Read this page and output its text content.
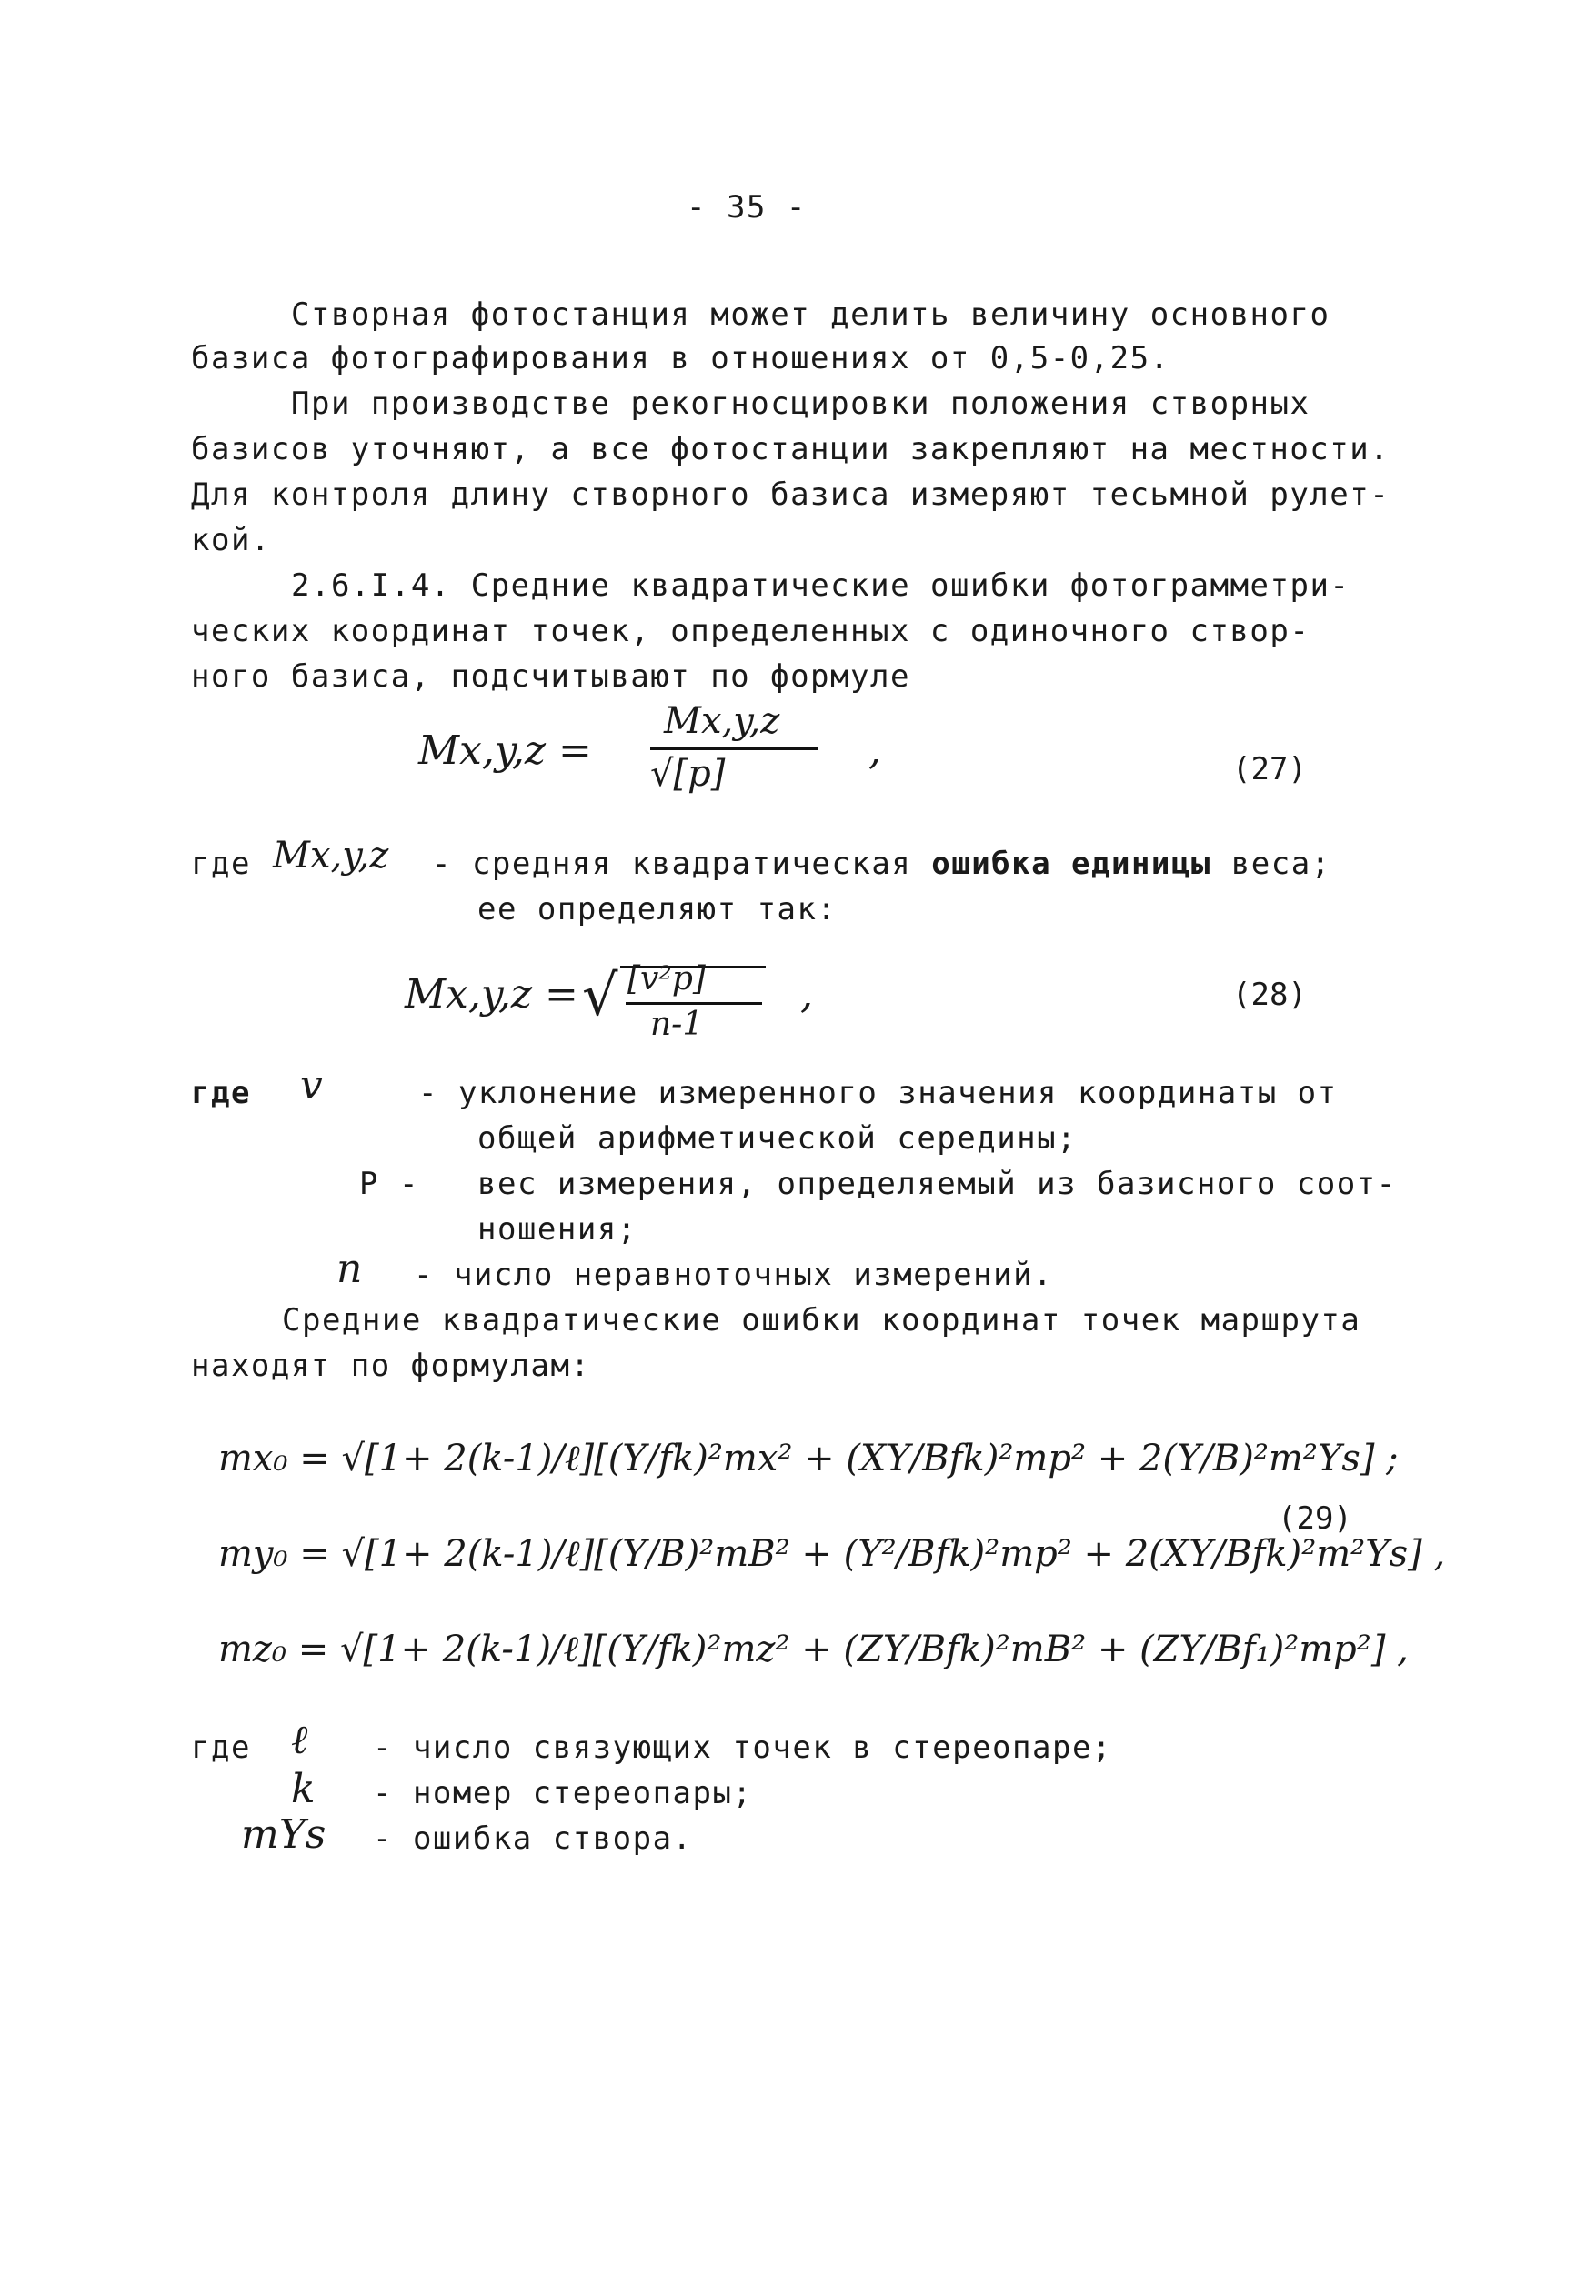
- 35 -
Створная фотостанция может делить величину основного
базиса фотографирования в отношениях от 0,5-0,25.
При производстве рекогносцировки положения створных
базисов уточняют, а все фотостанции закрепляют на местности.
Для контроля длину створного базиса измеряют тесьмной рулет-
кой.
2.6.I.4. Средние квадратические ошибки фотограмметри-
ческих координат точек, определенных с одиночного створ-
ного базиса, подсчитывают по формуле
Mx,y,z =
Mx,y,z
√[p]	,	(27)
где Mx,y,z - средняя квадратическая ошибка единицы веса;
ее определяют так:
Mx,y,z = √ [v²p]
n-1
,	(28)
где v	- уклонение измеренного значения координаты от
общей арифметической середины;
P - вес измерения, определяемый из базисного соот-
ношения;
n - число неравноточных измерений.
Средние квадратические ошибки координат точек маршрута
находят по формулам:
mx₀ = √[1+ 2(k-1)/ℓ][(Y/fk)²mx² + (XY/Bfk)²mp² + 2(Y/B)²m²Ys] ;
my₀ = √[1+ 2(k-1)/ℓ][(Y/B)²mB² + (Y²/Bfk)²mp² + 2(XY/Bfk)²m²Ys] ,
(29)
mz₀ = √[1+ 2(k-1)/ℓ][(Y/fk)²mz² + (ZY/Bfk)²mB² + (ZY/Bf₁)²mp²] ,
где ℓ - число связующих точек в стереопаре;
k - номер стереопары;
mYs - ошибка створа.
